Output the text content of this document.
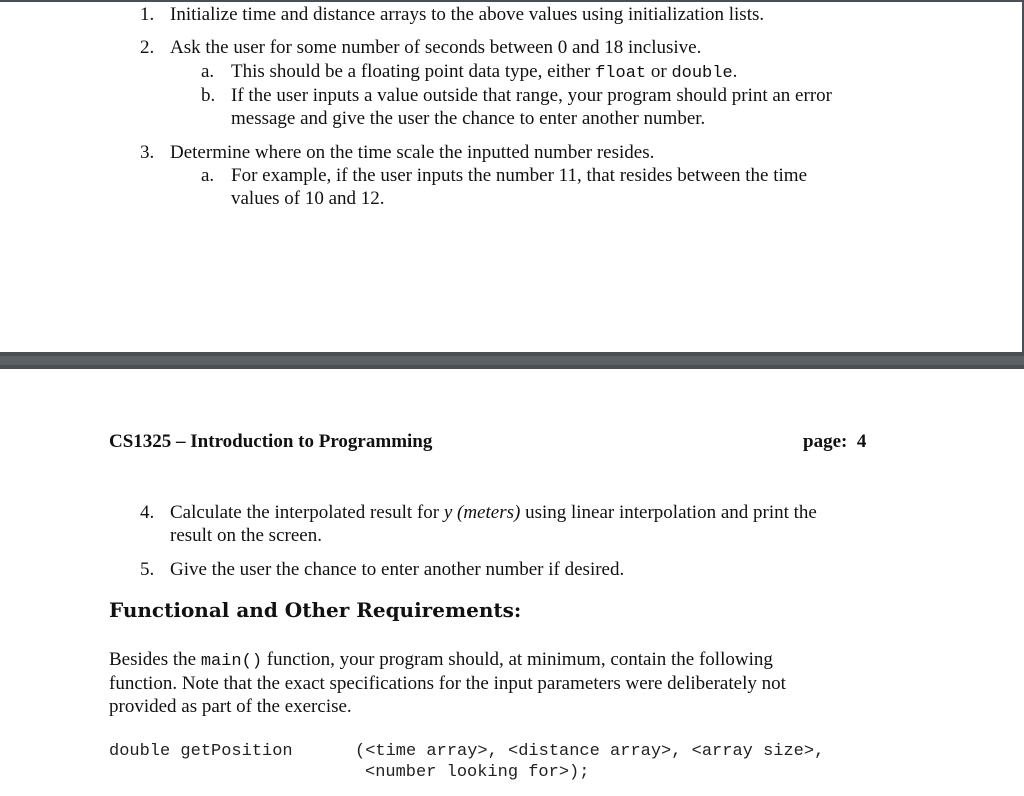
1. Initialize time and distance arrays to the above values using initialization lists.
2. Ask the user for some number of seconds between 0 and 18 inclusive.
a. This should be a floating point data type, either float or double.
b. If the user inputs a value outside that range, your program should print an error
message and give the user the chance to enter another number.
3. Determine where on the time scale the inputted number resides.
a. For example, if the user inputs the number 11, that resides between the time
values of 10 and 12.
CS1325 – Introduction to Programming	page:  4
4. Calculate the interpolated result for y (meters) using linear interpolation and print the
result on the screen.
5. Give the user the chance to enter another number if desired.
Functional and Other Requirements:
Besides the main() function, your program should, at minimum, contain the following
function. Note that the exact specifications for the input parameters were deliberately not
provided as part of the exercise.
double getPosition	(<time array>, <distance array>, <array size>,
<number looking for>);
